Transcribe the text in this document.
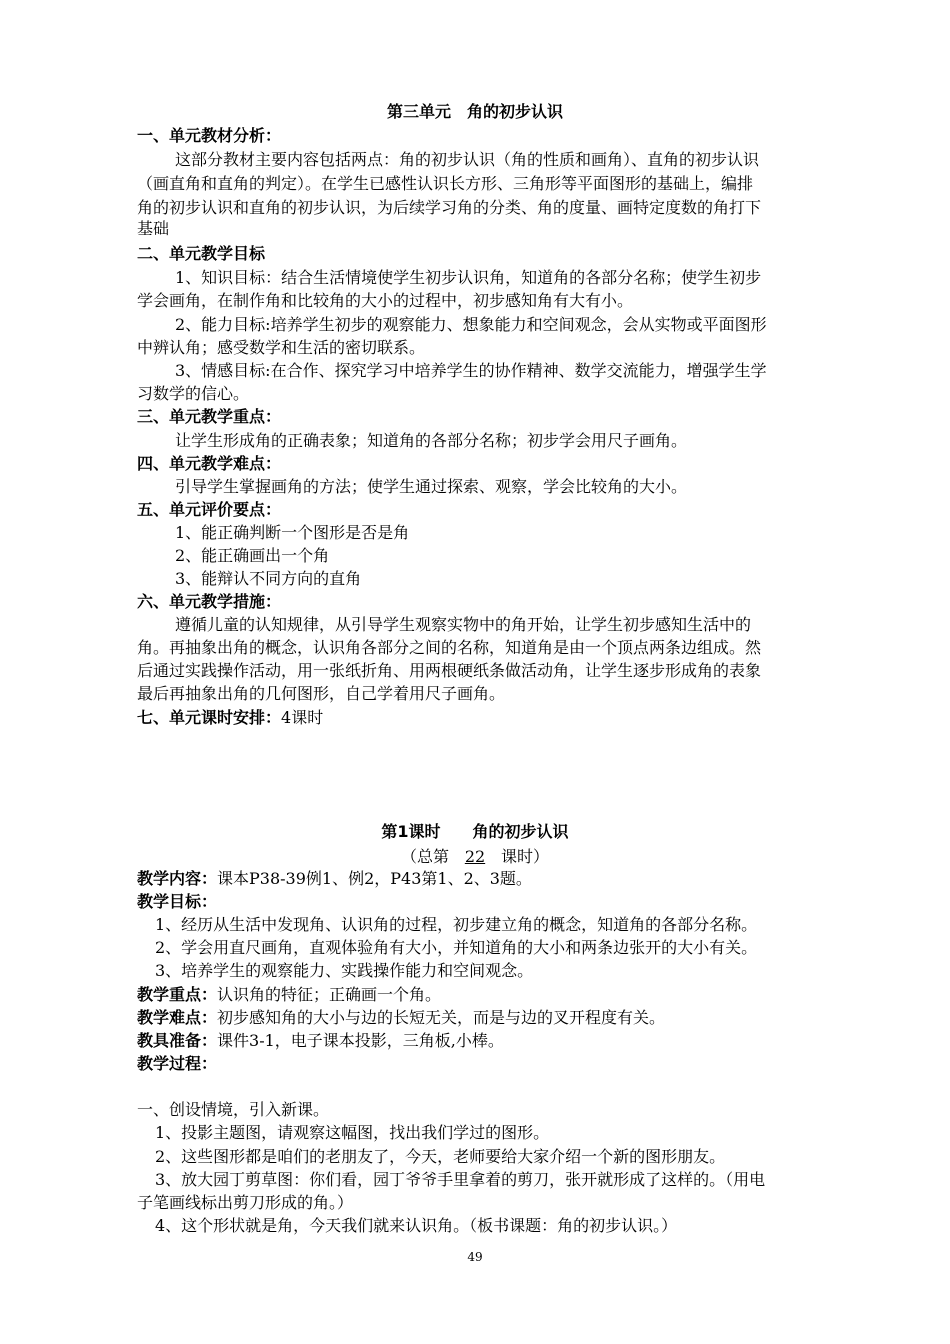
第三单元　角的初步认识
一、单元教材分析：
这部分教材主要内容包括两点：角的初步认识（角的性质和画角）、直角的初步认识
（画直角和直角的判定）。在学生已感性认识长方形、三角形等平面图形的基础上，编排
角的初步认识和直角的初步认识，为后续学习角的分类、角的度量、画特定度数的角打下
基础
二、单元教学目标
1、知识目标：结合生活情境使学生初步认识角，知道角的各部分名称；使学生初步
学会画角，在制作角和比较角的大小的过程中，初步感知角有大有小。
2、能力目标:培养学生初步的观察能力、想象能力和空间观念，会从实物或平面图形
中辨认角；感受数学和生活的密切联系。
3、情感目标:在合作、探究学习中培养学生的协作精神、数学交流能力，增强学生学
习数学的信心。
三、单元教学重点：
让学生形成角的正确表象；知道角的各部分名称；初步学会用尺子画角。
四、单元教学难点：
引导学生掌握画角的方法；使学生通过探索、观察，学会比较角的大小。
五、单元评价要点：
1、能正确判断一个图形是否是角
2、能正确画出一个角
3、能辩认不同方向的直角
六、单元教学措施：
遵循儿童的认知规律，从引导学生观察实物中的角开始，让学生初步感知生活中的
角。再抽象出角的概念，认识角各部分之间的名称，知道角是由一个顶点两条边组成。然
后通过实践操作活动，用一张纸折角、用两根硬纸条做活动角，让学生逐步形成角的表象
最后再抽象出角的几何图形，自己学着用尺子画角。
七、单元课时安排：4课时
第1课时　　角的初步认识
（总第 22 课时）
教学内容：课本P38-39例1、例2，P43第1、2、3题。
教学目标：
1、经历从生活中发现角、认识角的过程，初步建立角的概念，知道角的各部分名称。
2、学会用直尺画角，直观体验角有大小，并知道角的大小和两条边张开的大小有关。
3、培养学生的观察能力、实践操作能力和空间观念。
教学重点：认识角的特征；正确画一个角。
教学难点：初步感知角的大小与边的长短无关，而是与边的叉开程度有关。
教具准备：课件3-1，电子课本投影，三角板,小棒。
教学过程：
一、创设情境，引入新课。
1、投影主题图，请观察这幅图，找出我们学过的图形。
2、这些图形都是咱们的老朋友了，今天，老师要给大家介绍一个新的图形朋友。
3、放大园丁剪草图：你们看，园丁爷爷手里拿着的剪刀，张开就形成了这样的。（用电
子笔画线标出剪刀形成的角。）
4、这个形状就是角，今天我们就来认识角。（板书课题：角的初步认识。）
49
